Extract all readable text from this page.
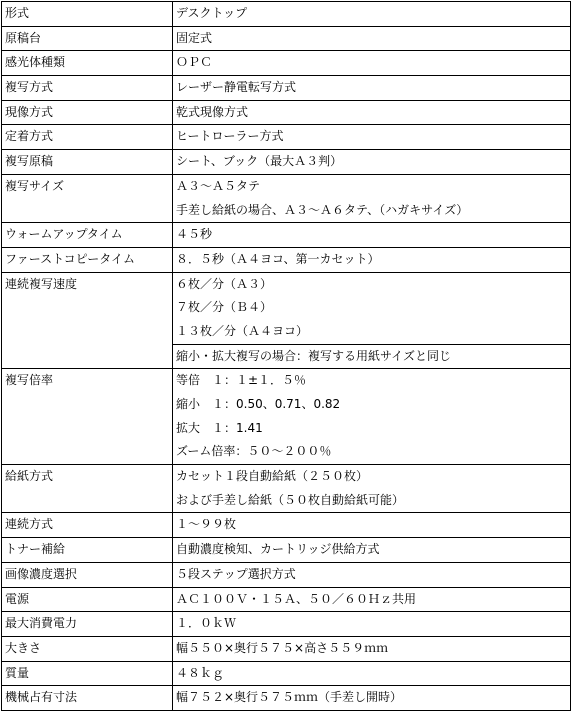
形式	デスクトップ

原稿台	固定式

感光体種類	ＯＰＣ

複写方式	レーザー静電転写方式

現像方式	乾式現像方式

定着方式	ヒートローラー方式

複写原稿	シート、ブック（最大Ａ３判）

複写サイズ	Ａ３～Ａ５タテ
手差し給紙の場合、Ａ３～Ａ６タテ、（ハガキサイズ）

ウォームアップタイム	４５秒

ファーストコピータイム	８．５秒（Ａ４ヨコ、第一カセット）

連続複写速度	６枚／分（Ａ３）
７枚／分（Ｂ４）
１３枚／分（Ａ４ヨコ）
縮小・拡大複写の場合：複写する用紙サイズと同じ

複写倍率	等倍　１：１±１．５％
縮小　１：0.50、0.71、0.82
拡大　１：1.41
ズーム倍率：５０～２００％

給紙方式	カセット１段自動給紙（２５０枚）
および手差し給紙（５０枚自動給紙可能）

連続方式	１～９９枚

トナー補給	自動濃度検知、カートリッジ供給方式

画像濃度選択	５段ステップ選択方式

電源	ＡＣ１００Ｖ・１５Ａ、５０／６０Ｈｚ共用

最大消費電力	１．０ｋＷ

大きさ	幅５５０×奥行５７５×高さ５５９ｍｍ

質量	４８ｋｇ

機械占有寸法	幅７５２×奥行５７５ｍｍ（手差し開時）
